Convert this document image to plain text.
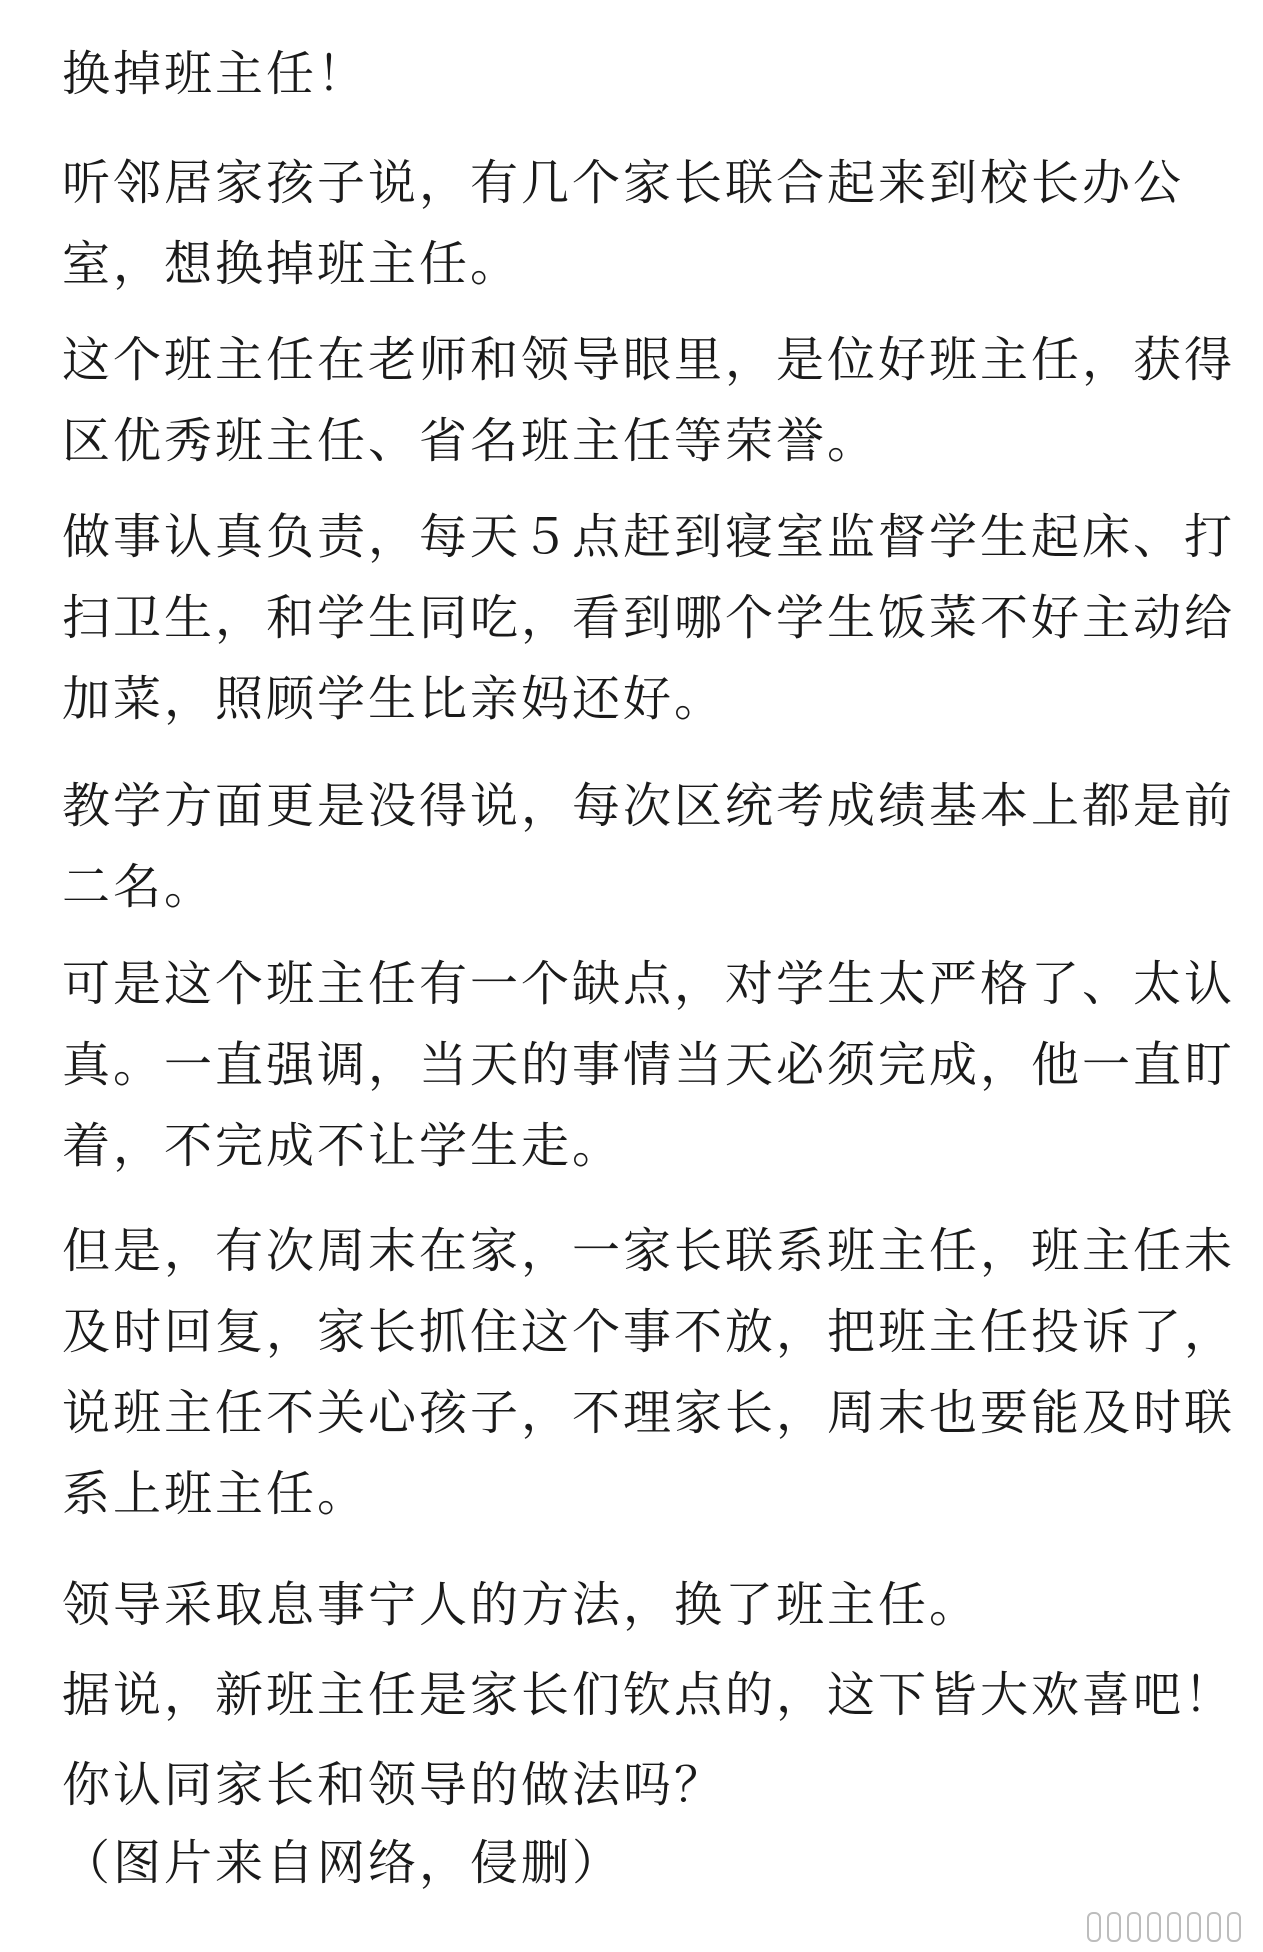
换掉班主任！

听邻居家孩子说，有几个家长联合起来到校长办公
室，想换掉班主任。

这个班主任在老师和领导眼里，是位好班主任，获得
区优秀班主任、省名班主任等荣誉。

做事认真负责，每天５点赶到寝室监督学生起床、打
扫卫生，和学生同吃，看到哪个学生饭菜不好主动给
加菜，照顾学生比亲妈还好。

教学方面更是没得说，每次区统考成绩基本上都是前
二名。

可是这个班主任有一个缺点，对学生太严格了、太认
真。一直强调，当天的事情当天必须完成，他一直盯
着，不完成不让学生走。

但是，有次周末在家，一家长联系班主任，班主任未
及时回复，家长抓住这个事不放，把班主任投诉了，
说班主任不关心孩子，不理家长，周末也要能及时联
系上班主任。

领导采取息事宁人的方法，换了班主任。

据说，新班主任是家长们钦点的，这下皆大欢喜吧！

你认同家长和领导的做法吗？

（图片来自网络，侵删）
